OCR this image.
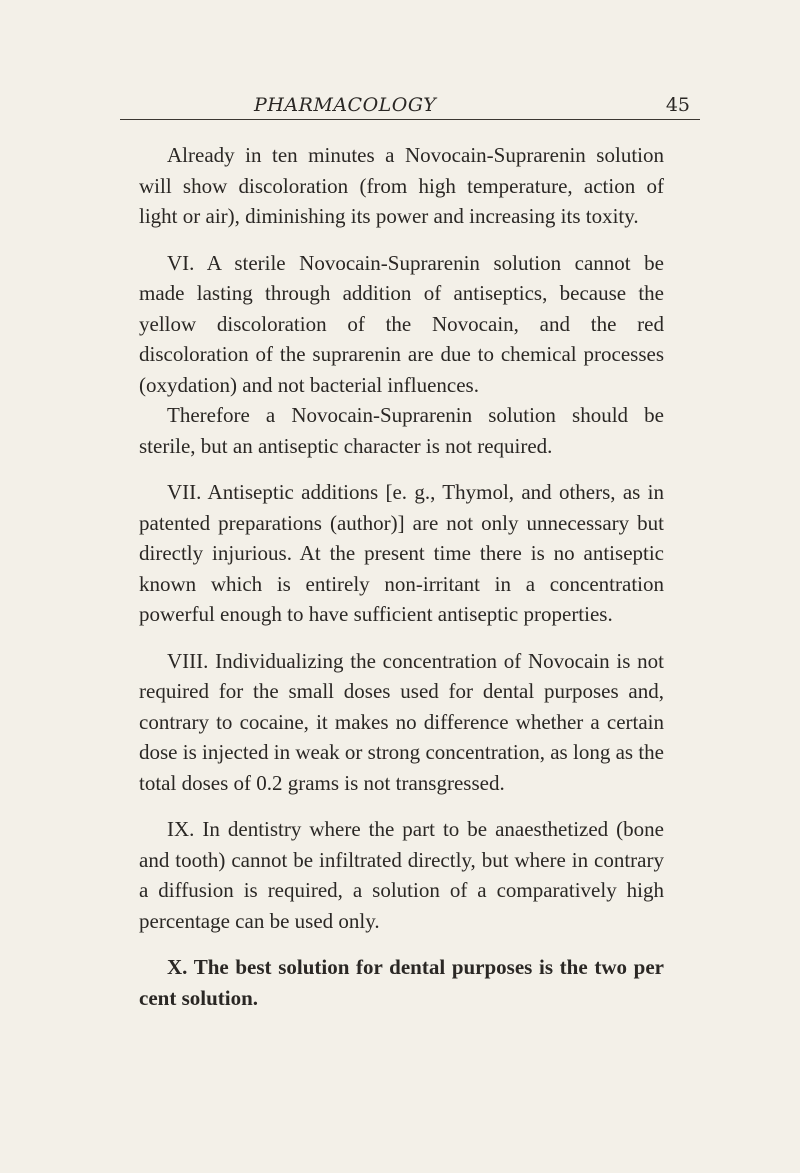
PHARMACOLOGY	45

Already in ten minutes a Novocain-Suprarenin solution will show discoloration (from high temperature, action of light or air), diminishing its power and increasing its toxity.

VI. A sterile Novocain-Suprarenin solution cannot be made lasting through addition of antiseptics, because the yellow discoloration of the Novocain, and the red discoloration of the suprarenin are due to chemical processes (oxydation) and not bacterial influences.

Therefore a Novocain-Suprarenin solution should be sterile, but an antiseptic character is not required.

VII. Antiseptic additions [e. g., Thymol, and others, as in patented preparations (author)] are not only unnecessary but directly injurious. At the present time there is no antiseptic known which is entirely non-irritant in a concentration powerful enough to have sufficient antiseptic properties.

VIII. Individualizing the concentration of Novocain is not required for the small doses used for dental purposes and, contrary to cocaine, it makes no difference whether a certain dose is injected in weak or strong concentration, as long as the total doses of 0.2 grams is not transgressed.

IX. In dentistry where the part to be anaesthetized (bone and tooth) cannot be infiltrated directly, but where in contrary a diffusion is required, a solution of a comparatively high percentage can be used only.

X. The best solution for dental purposes is the two per cent solution.
